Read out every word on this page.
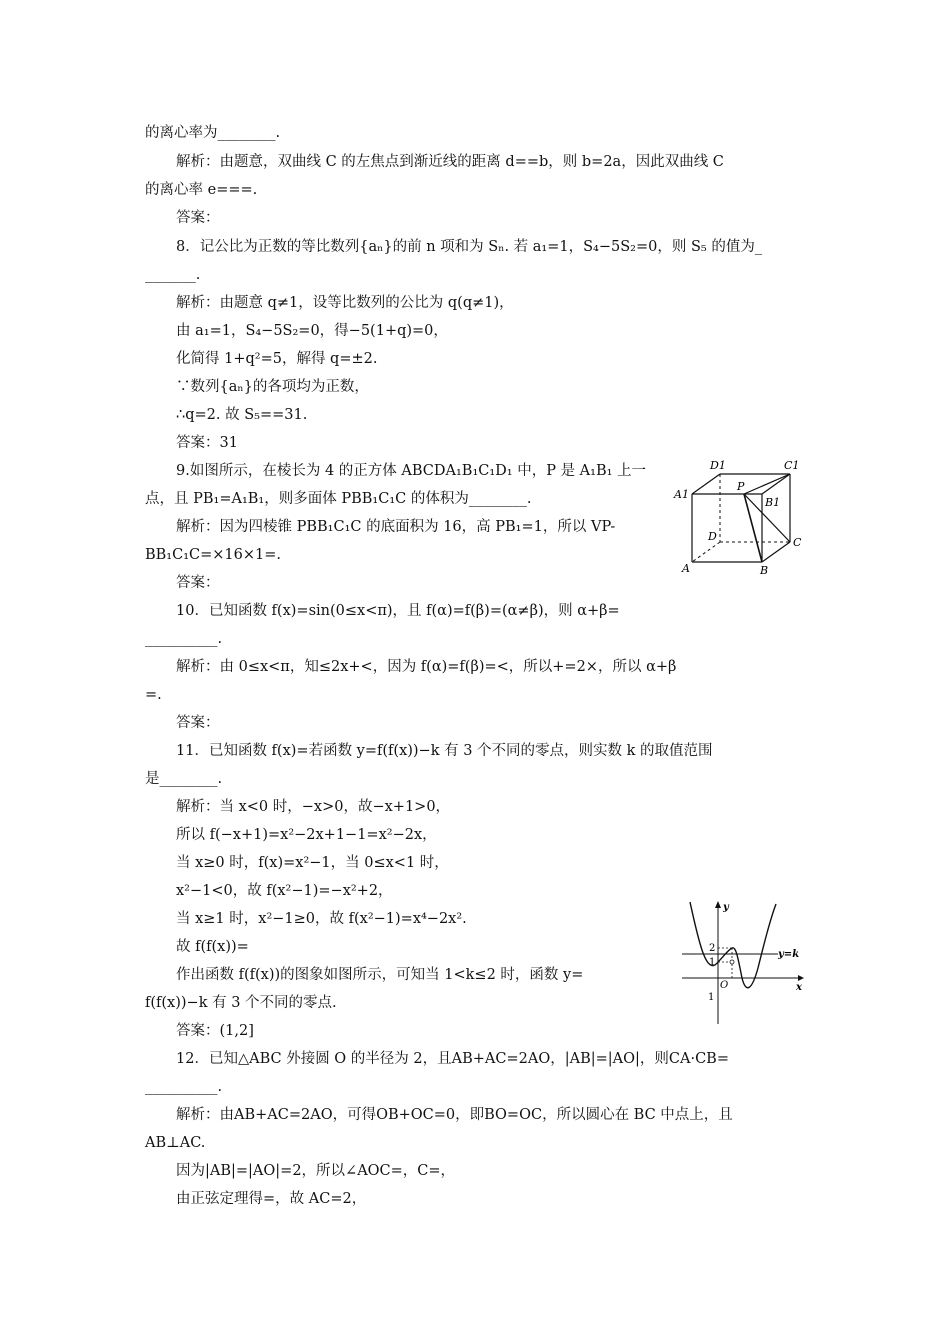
的离心率为________.
解析：由题意，双曲线 C 的左焦点到渐近线的距离 d==b，则 b=2a，因此双曲线 C
的离心率 e===.
答案：
8．记公比为正数的等比数列{aₙ}的前 n 项和为 Sₙ. 若 a₁=1，S₄−5S₂=0，则 S₅ 的值为_
_______.
解析：由题意 q≠1，设等比数列的公比为 q(q≠1)，
由 a₁=1，S₄−5S₂=0，得−5(1+q)=0，
化简得 1+q²=5，解得 q=±2.
∵数列{aₙ}的各项均为正数，
∴q=2. 故 S₅==31.
答案：31
9.如图所示，在棱长为 4 的正方体 ABCDA₁B₁C₁D₁ 中，P 是 A₁B₁ 上一
点，且 PB₁=A₁B₁，则多面体 PBB₁C₁C 的体积为________.
解析：因为四棱锥 PBB₁C₁C 的底面积为 16，高 PB₁=1，所以 VP-
BB₁C₁C=×16×1=.
答案：
10．已知函数 f(x)=sin(0≤x<π)，且 f(α)=f(β)=(α≠β)，则 α+β=
__________.
解析：由 0≤x<π，知≤2x+<，因为 f(α)=f(β)=<，所以+=2×，所以 α+β
=.
答案：
11．已知函数 f(x)=若函数 y=f(f(x))−k 有 3 个不同的零点，则实数 k 的取值范围
是________.
解析：当 x<0 时，−x>0，故−x+1>0，
所以 f(−x+1)=x²−2x+1−1=x²−2x，
当 x≥0 时，f(x)=x²−1，当 0≤x<1 时，
x²−1<0，故 f(x²−1)=−x²+2，
当 x≥1 时，x²−1≥0，故 f(x²−1)=x⁴−2x².
故 f(f(x))=
作出函数 f(f(x))的图象如图所示，可知当 1<k≤2 时，函数 y=
f(f(x))−k 有 3 个不同的零点.
答案：(1,2]
12．已知△ABC 外接圆 O 的半径为 2，且AB+AC=2AO，|AB|=|AO|，则CA·CB=
__________.
解析：由AB+AC=2AO，可得OB+OC=0，即BO=OC，所以圆心在 BC 中点上，且
AB⊥AC.
因为|AB|=|AO|=2，所以∠AOC=，C=，
由正弦定理得=，故 AC=2，
D1	C1
A1
P
B1
D	C
A	B
y
2
1
y=k
O
1
x
